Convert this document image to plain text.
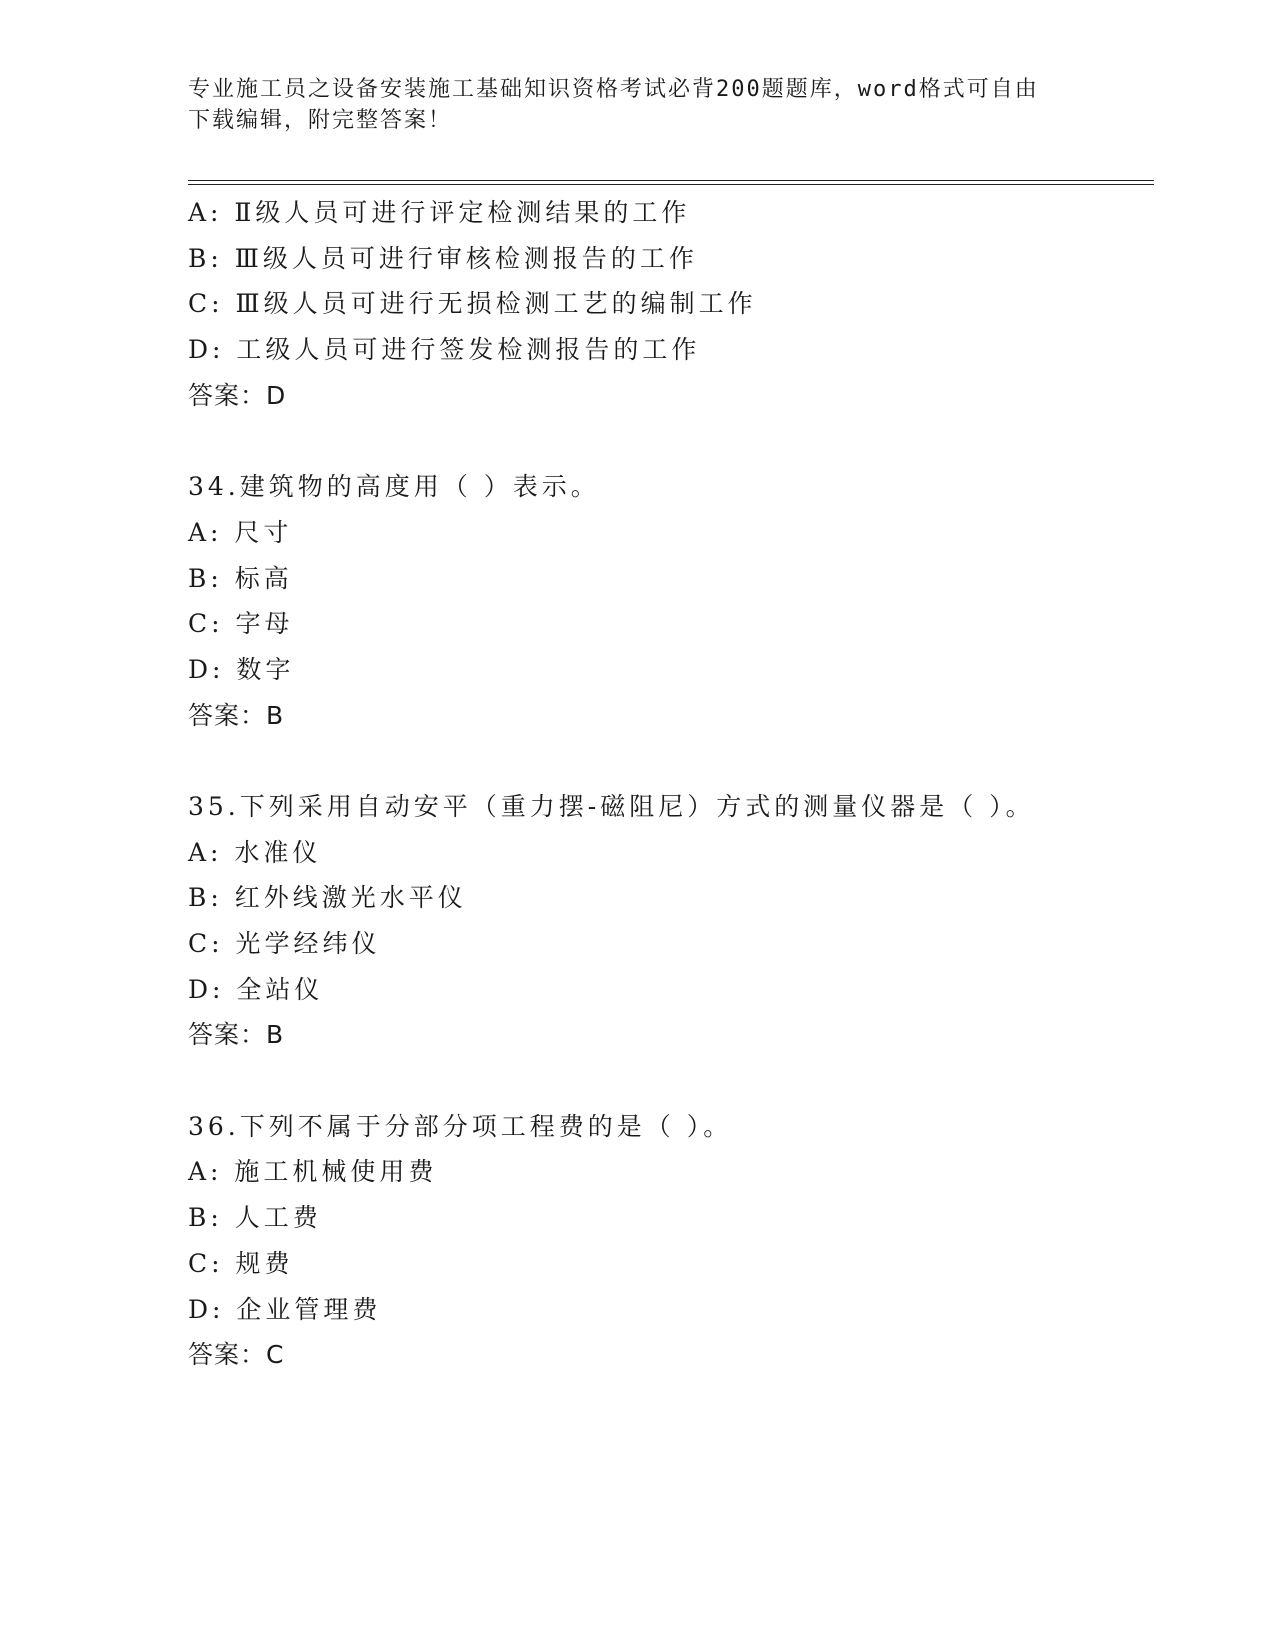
专业施工员之设备安装施工基础知识资格考试必背200题题库，word格式可自由
下载编辑，附完整答案！
A: Ⅱ级人员可进行评定检测结果的工作
B: Ⅲ级人员可进行审核检测报告的工作
C: Ⅲ级人员可进行无损检测工艺的编制工作
D: 工级人员可进行签发检测报告的工作
答案：D
34.建筑物的高度用（ ）表示。
A: 尺寸
B: 标高
C: 字母
D: 数字
答案：B
35.下列采用自动安平（重力摆-磁阻尼）方式的测量仪器是（ ）。
A: 水准仪
B: 红外线激光水平仪
C: 光学经纬仪
D: 全站仪
答案：B
36.下列不属于分部分项工程费的是（ ）。
A: 施工机械使用费
B: 人工费
C: 规费
D: 企业管理费
答案：C
